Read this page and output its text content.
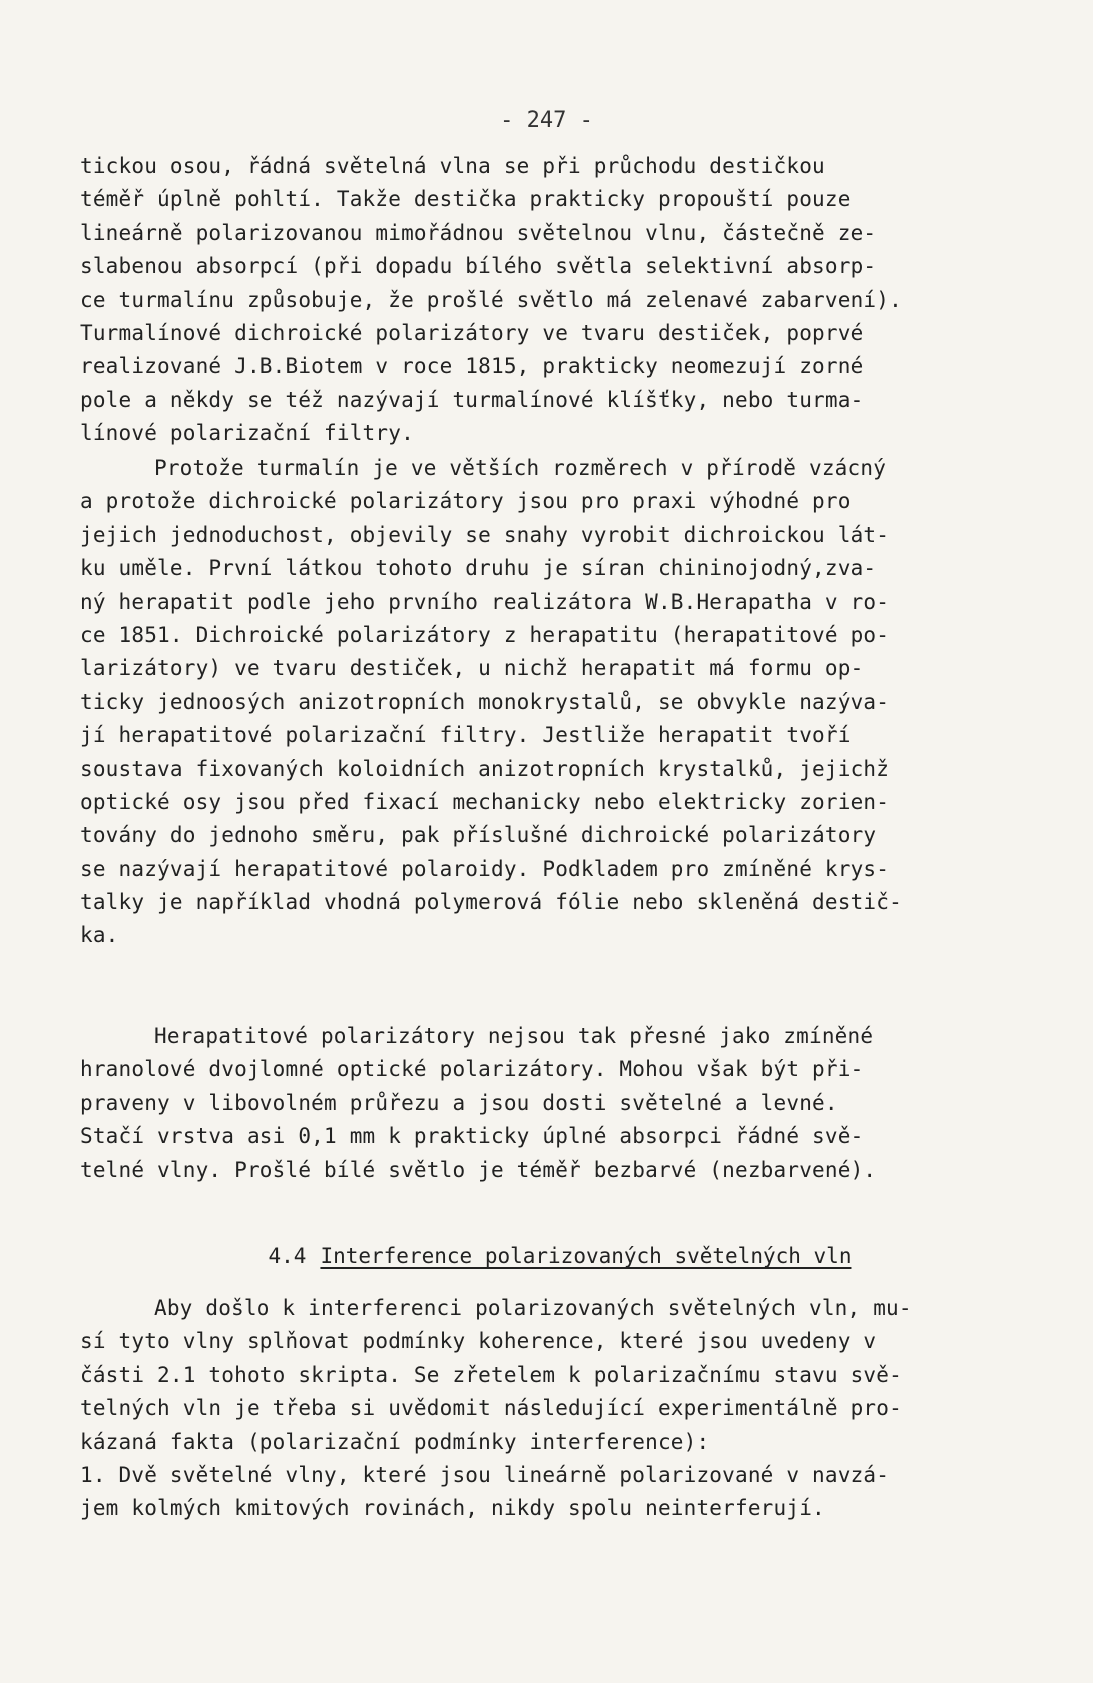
- 247 -
tickou osou, řádná světelná vlna se při průchodu destičkou
téměř úplně pohltí. Takže destička prakticky propouští pouze
lineárně polarizovanou mimořádnou světelnou vlnu, částečně ze-
slabenou absorpcí (při dopadu bílého světla selektivní absorp-
ce turmalínu způsobuje, že prošlé světlo má zelenavé zabarvení).
Turmalínové dichroické polarizátory ve tvaru destiček, poprvé
realizované J.B.Biotem v roce 1815, prakticky neomezují zorné
pole a někdy se též nazývají turmalínové klíšťky, nebo turma-
línové polarizační filtry.
Protože turmalín je ve větších rozměrech v přírodě vzácný
a protože dichroické polarizátory jsou pro praxi výhodné pro
jejich jednoduchost, objevily se snahy vyrobit dichroickou lát-
ku uměle. První látkou tohoto druhu je síran chininojodný,zva-
ný herapatit podle jeho prvního realizátora W.B.Herapatha v ro-
ce 1851. Dichroické polarizátory z herapatitu (herapatitové po-
larizátory) ve tvaru destiček, u nichž herapatit má formu op-
ticky jednoosých anizotropních monokrystalů, se obvykle nazýva-
jí herapatitové polarizační filtry. Jestliže herapatit tvoří
soustava fixovaných koloidních anizotropních krystalků, jejichž
optické osy jsou před fixací mechanicky nebo elektricky zorien-
továny do jednoho směru, pak příslušné dichroické polarizátory
se nazývají herapatitové polaroidy. Podkladem pro zmíněné krys-
talky je například vhodná polymerová fólie nebo skleněná destič-
ka.
Herapatitové polarizátory nejsou tak přesné jako zmíněné
hranolové dvojlomné optické polarizátory. Mohou však být při-
praveny v libovolném průřezu a jsou dosti světelné a levné.
Stačí vrstva asi 0,1 mm k prakticky úplné absorpci řádné svě-
telné vlny. Prošlé bílé světlo je téměř bezbarvé (nezbarvené).
4.4 Interference polarizovaných světelných vln
Aby došlo k interferenci polarizovaných světelných vln, mu-
sí tyto vlny splňovat podmínky koherence, které jsou uvedeny v
části 2.1 tohoto skripta. Se zřetelem k polarizačnímu stavu svě-
telných vln je třeba si uvědomit následující experimentálně pro-
kázaná fakta (polarizační podmínky interference):
1. Dvě světelné vlny, které jsou lineárně polarizované v navzá-
jem kolmých kmitových rovinách, nikdy spolu neinterferují.
